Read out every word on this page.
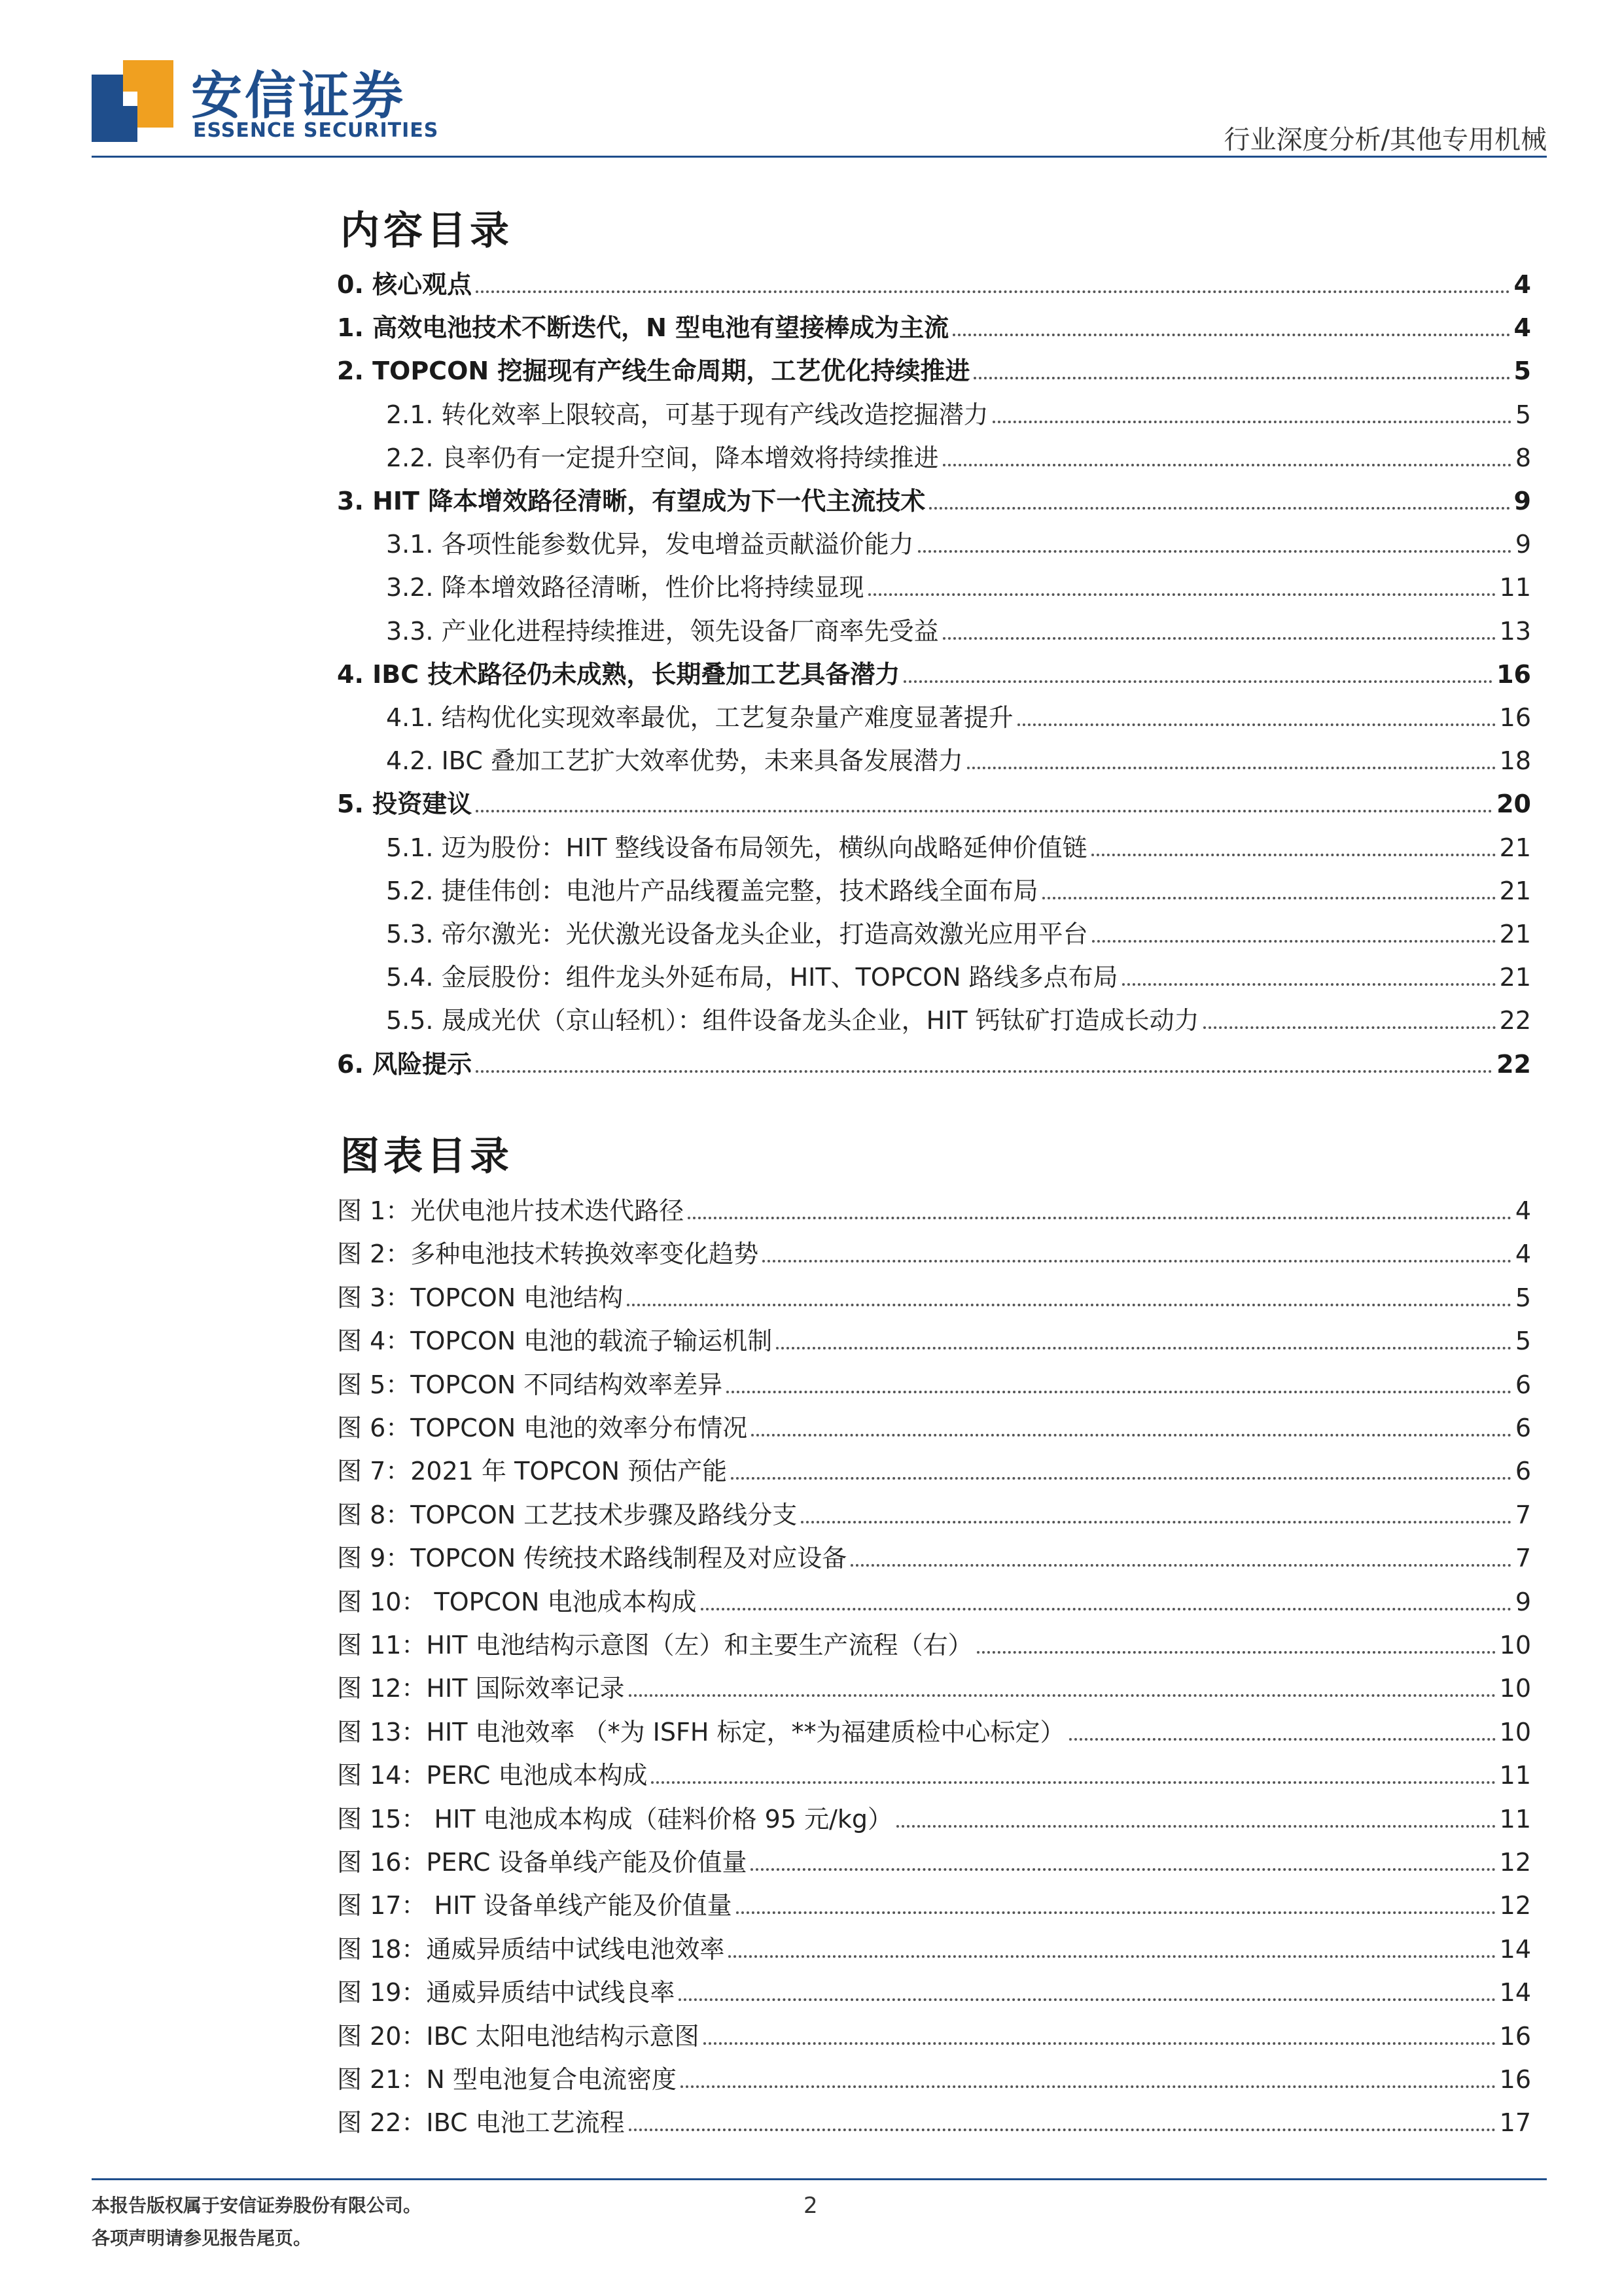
安信证券
ESSENCE SECURITIES	行业深度分析/其他专用机械
内容目录
0. 核心观点	4
1. 高效电池技术不断迭代，N 型电池有望接棒成为主流	4
2. TOPCON 挖掘现有产线生命周期，工艺优化持续推进	5
2.1. 转化效率上限较高，可基于现有产线改造挖掘潜力	5
2.2. 良率仍有一定提升空间，降本增效将持续推进	8
3. HIT 降本增效路径清晰，有望成为下一代主流技术	9
3.1. 各项性能参数优异，发电增益贡献溢价能力	9
3.2. 降本增效路径清晰，性价比将持续显现	11
3.3. 产业化进程持续推进，领先设备厂商率先受益	13
4. IBC 技术路径仍未成熟，长期叠加工艺具备潜力	16
4.1. 结构优化实现效率最优，工艺复杂量产难度显著提升	16
4.2. IBC 叠加工艺扩大效率优势，未来具备发展潜力	18
5. 投资建议	20
5.1. 迈为股份：HIT 整线设备布局领先，横纵向战略延伸价值链	21
5.2. 捷佳伟创：电池片产品线覆盖完整，技术路线全面布局	21
5.3. 帝尔激光：光伏激光设备龙头企业，打造高效激光应用平台	21
5.4. 金辰股份：组件龙头外延布局，HIT、TOPCON 路线多点布局	21
5.5. 晟成光伏（京山轻机）：组件设备龙头企业，HIT 钙钛矿打造成长动力	22
6. 风险提示	22
图表目录
图 1：光伏电池片技术迭代路径	4
图 2：多种电池技术转换效率变化趋势	4
图 3：TOPCON 电池结构	5
图 4：TOPCON 电池的载流子输运机制	5
图 5：TOPCON 不同结构效率差异	6
图 6：TOPCON 电池的效率分布情况	6
图 7：2021 年 TOPCON 预估产能	6
图 8：TOPCON 工艺技术步骤及路线分支	7
图 9：TOPCON 传统技术路线制程及对应设备	7
图 10： TOPCON 电池成本构成	9
图 11：HIT 电池结构示意图（左）和主要生产流程（右）	10
图 12：HIT 国际效率记录	10
图 13：HIT 电池效率 （*为 ISFH 标定，**为福建质检中心标定）	10
图 14：PERC 电池成本构成	11
图 15： HIT 电池成本构成（硅料价格 95 元/kg）	11
图 16：PERC 设备单线产能及价值量	12
图 17： HIT 设备单线产能及价值量	12
图 18：通威异质结中试线电池效率	14
图 19：通威异质结中试线良率	14
图 20：IBC 太阳电池结构示意图	16
图 21：N 型电池复合电流密度	16
图 22：IBC 电池工艺流程	17
本报告版权属于安信证券股份有限公司。
各项声明请参见报告尾页。
2
